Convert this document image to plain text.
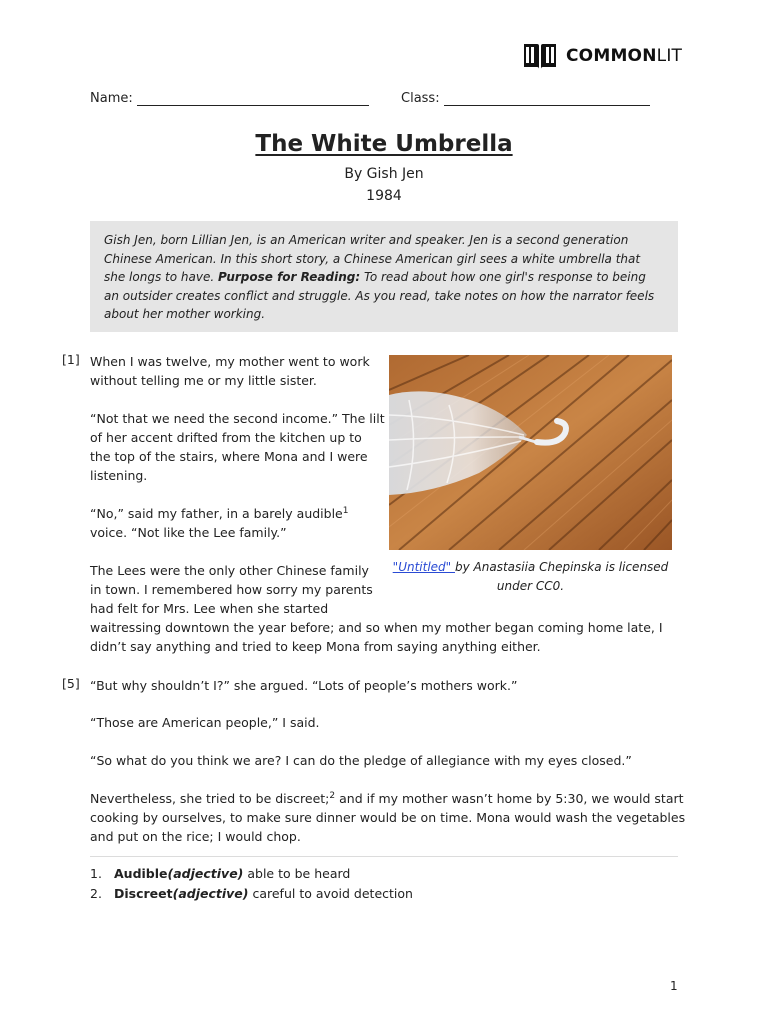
COMMONLIT
Name:	Class:
The White Umbrella
By Gish Jen
1984
Gish Jen, born Lillian Jen, is an American writer and speaker. Jen is a second generation Chinese American. In this short story, a Chinese American girl sees a white umbrella that she longs to have. Purpose for Reading: To read about how one girl's response to being an outsider creates conflict and struggle. As you read, take notes on how the narrator feels about her mother working.
[1]
[5]
When I was twelve, my mother went to work
without telling me or my little sister.
“Not that we need the second income.” The lilt
of her accent drifted from the kitchen up to
the top of the stairs, where Mona and I were
listening.
“No,” said my father, in a barely audible$^1$
voice. “Not like the Lee family.”
The Lees were the only other Chinese family
in town. I remembered how sorry my parents
had felt for Mrs. Lee when she started
waitressing downtown the year before; and so when my mother began coming home late, I
didn’t say anything and tried to keep Mona from saying anything either.
“But why shouldn’t I?” she argued. “Lots of people’s mothers work.”
“Those are American people,” I said.
“So what do you think we are? I can do the pledge of allegiance with my eyes closed.”
Nevertheless, she tried to be discreet;$^2$ and if my mother wasn’t home by 5:30, we would start
cooking by ourselves, to make sure dinner would be on time. Mona would wash the vegetables
and put on the rice; I would chop.
"Untitled" by Anastasiia Chepinska is licensed
under CC0.
1. Audible (adjective) able to be heard
2. Discreet (adjective) careful to avoid detection
1
